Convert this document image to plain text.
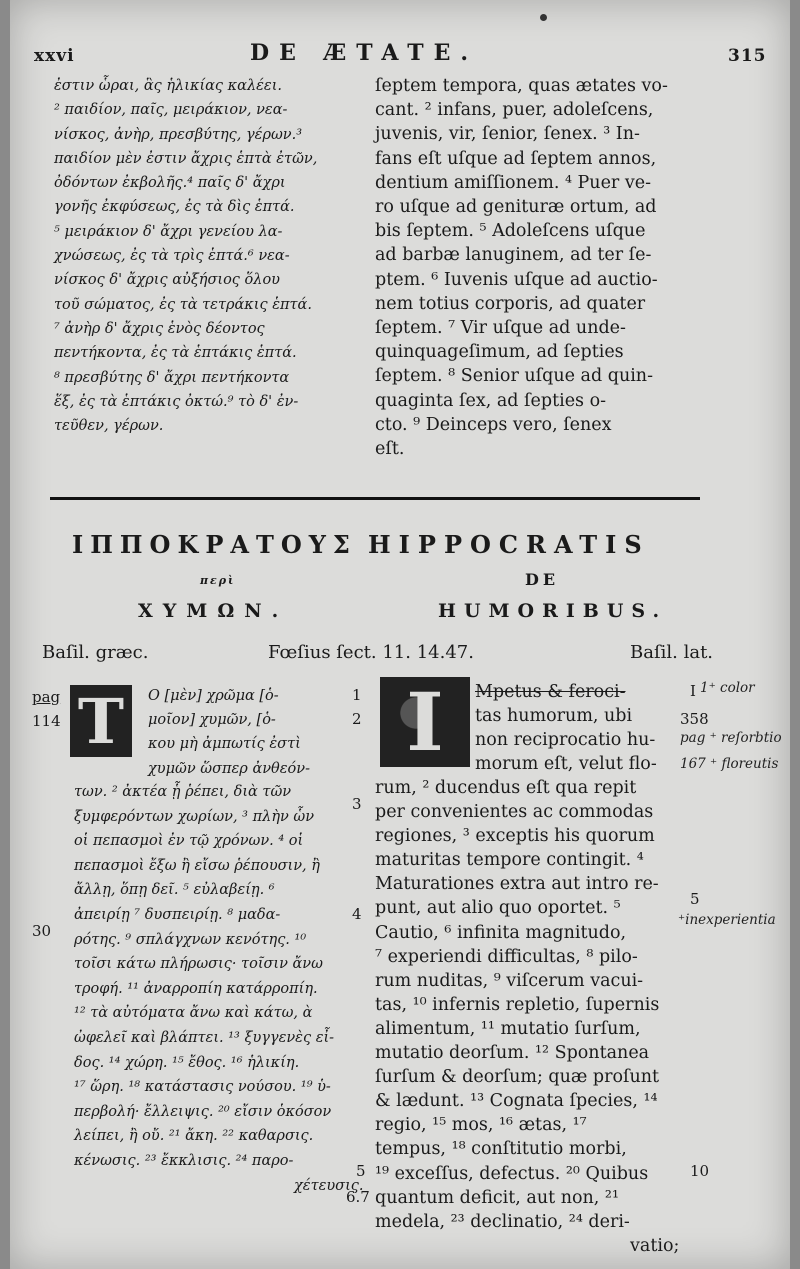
xxvi	DE ÆTATE.	315
ἐστιν ὧραι, ἃς ἡλικίας καλέει.
² παιδίον, παῖς, μειράκιον, νεα-
νίσκος, ἀνὴρ, πρεσβύτης, γέρων.³
παιδίον μὲν ἐστιν ἄχρις ἑπτὰ ἐτῶν,
ὀδόντων ἐκβολῆς.⁴ παῖς δ' ἄχρι
γονῆς ἐκφύσεως, ἐς τὰ δὶς ἑπτά.
⁵ μειράκιον δ' ἄχρι γενείου λα-
χνώσεως, ἐς τὰ τρὶς ἑπτά.⁶ νεα-
νίσκος δ' ἄχρις αὐξήσιος ὅλου
τοῦ σώματος, ἐς τὰ τετράκις ἑπτά.
⁷ ἀνὴρ δ' ἄχρις ἑνὸς δέοντος
πεντήκοντα, ἐς τὰ ἑπτάκις ἑπτά.
⁸ πρεσβύτης δ' ἄχρι πεντήκοντα
ἕξ, ἐς τὰ ἑπτάκις ὀκτώ.⁹ τὸ δ' ἐν-
τεῦθεν, γέρων.
ſeptem tempora, quas ætates vo-
cant. ² infans, puer, adoleſcens,
juvenis, vir, ſenior, ſenex. ³ In-
fans eſt uſque ad ſeptem annos,
dentium amiſſionem. ⁴ Puer ve-
ro uſque ad genituræ ortum, ad
bis ſeptem. ⁵ Adoleſcens uſque
ad barbæ lanuginem, ad ter ſe-
ptem. ⁶ Iuvenis uſque ad auctio-
nem totius corporis, ad quater
ſeptem. ⁷ Vir uſque ad unde-
quinquageſimum, ad ſepties
ſeptem. ⁸ Senior uſque ad quin-
quaginta ſex, ad ſepties o-
cto. ⁹ Deinceps vero, ſenex
eſt.
ΙΠΠΟΚΡΑΤΟΥΣ
περὶ
ΧΥΜΩΝ.
HIPPOCRATIS
DE
HUMORIBUS.
Baſil. græc.	Fœſius ſect. 11. 14.47.	Baſil. lat.
pag
114
30
1
2
3
4
5
6.7
I
358
5
10
1⁺ color
pag ⁺ reſorbtio
167 ⁺ floreutis
⁺inexperientia
T	I
Ο [μὲν] χρῶμα [ὁ-
μοῖον] χυμῶν, [ὁ-
κου μὴ ἀμπωτίς ἐστὶ
χυμῶν ὥσπερ ἀνθεόν-
των. ² ἀκτέα ᾗ ῥέπει, διὰ τῶν
ξυμφερόντων χωρίων, ³ πλὴν ὧν
οἱ πεπασμοὶ ἐν τῷ χρόνων. ⁴ οἱ
πεπασμοὶ ἔξω ἢ εἴσω ῥέπουσιν, ἢ
ἄλλῃ, ὅπῃ δεῖ. ⁵ εὐλαβείῃ. ⁶
ἀπειρίῃ ⁷ δυσπειρίῃ. ⁸ μαδα-
ρότης. ⁹ σπλάγχνων κενότης. ¹⁰
τοῖσι κάτω πλήρωσις· τοῖσιν ἄνω
τροφή. ¹¹ ἀναρροπίη κατάρροπίη.
¹² τὰ αὐτόματα ἄνω καὶ κάτω, ὰ
ὠφελεῖ καὶ βλάπτει. ¹³ ξυγγενὲς εἶ-
δος. ¹⁴ χώρη. ¹⁵ ἔθος. ¹⁶ ἡλικίη.
¹⁷ ὥρη. ¹⁸ κατάστασις νούσου. ¹⁹ ὑ-
περβολή· ἔλλειψις. ²⁰ εἴσιν ὁκόσον
λείπει, ἢ οὔ. ²¹ ἄκη. ²² καθαρσις.
κένωσις. ²³ ἔκκλισις. ²⁴ παρο-
χέτευσις.
Mpetus & feroci-
tas humorum, ubi
non reciprocatio hu-
morum eſt, velut flo-
rum, ² ducendus eſt qua repit
per convenientes ac commodas
regiones, ³ exceptis his quorum
maturitas tempore contingit. ⁴
Maturationes extra aut intro re-
punt, aut alio quo oportet. ⁵
Cautio, ⁶ infinita magnitudo,
⁷ experiendi difficultas, ⁸ pilo-
rum nuditas, ⁹ viſcerum vacui-
tas, ¹⁰ infernis repletio, ſupernis
alimentum, ¹¹ mutatio ſurſum,
mutatio deorſum. ¹² Spontanea
ſurſum & deorſum; quæ proſunt
& lædunt. ¹³ Cognata ſpecies, ¹⁴
regio, ¹⁵ mos, ¹⁶ ætas, ¹⁷
tempus, ¹⁸ conſtitutio morbi,
¹⁹ exceſſus, defectus. ²⁰ Quibus
quantum deficit, aut non, ²¹
medela, ²³ declinatio, ²⁴ deri-
vatio;
